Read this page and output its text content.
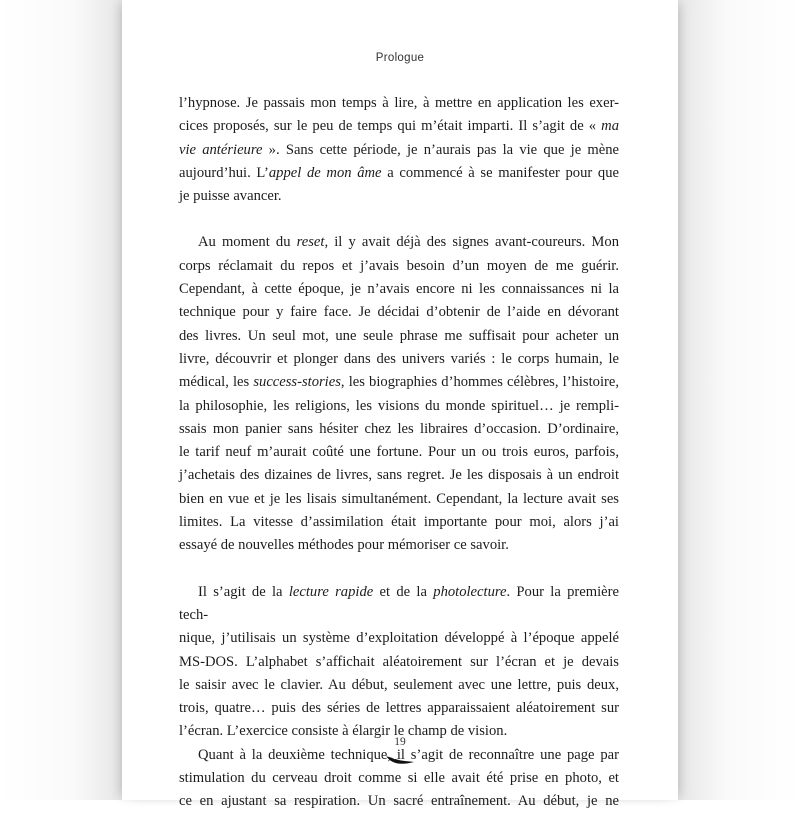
Prologue

l’hypnose. Je passais mon temps à lire, à mettre en application les exer-
cices proposés, sur le peu de temps qui m’était imparti. Il s’agit de « ma
vie antérieure ». Sans cette période, je n’aurais pas la vie que je mène
aujourd’hui. L’appel de mon âme a commencé à se manifester pour que
je puisse avancer.

Au moment du reset, il y avait déjà des signes avant-coureurs. Mon
corps réclamait du repos et j’avais besoin d’un moyen de me guérir.
Cependant, à cette époque, je n’avais encore ni les connaissances ni la
technique pour y faire face. Je décidai d’obtenir de l’aide en dévorant
des livres. Un seul mot, une seule phrase me suffisait pour acheter un
livre, découvrir et plonger dans des univers variés : le corps humain, le
médical, les success-stories, les biographies d’hommes célèbres, l’histoire,
la philosophie, les religions, les visions du monde spirituel… je rempli-
ssais mon panier sans hésiter chez les libraires d’occasion. D’ordinaire,
le tarif neuf m’aurait coûté une fortune. Pour un ou trois euros, parfois,
j’achetais des dizaines de livres, sans regret. Je les disposais à un endroit
bien en vue et je les lisais simultanément. Cependant, la lecture avait ses
limites. La vitesse d’assimilation était importante pour moi, alors j’ai
essayé de nouvelles méthodes pour mémoriser ce savoir.

Il s’agit de la lecture rapide et de la photolecture. Pour la première tech-
nique, j’utilisais un système d’exploitation développé à l’époque appelé
MS-DOS. L’alphabet s’affichait aléatoirement sur l’écran et je devais
le saisir avec le clavier. Au début, seulement avec une lettre, puis deux,
trois, quatre… puis des séries de lettres apparaissaient aléatoirement sur
l’écran. L’exercice consiste à élargir le champ de vision.

Quant à la deuxième technique, il s’agit de reconnaître une page par
stimulation du cerveau droit comme si elle avait été prise en photo, et
ce en ajustant sa respiration. Un sacré entraînement. Au début, je ne

19
